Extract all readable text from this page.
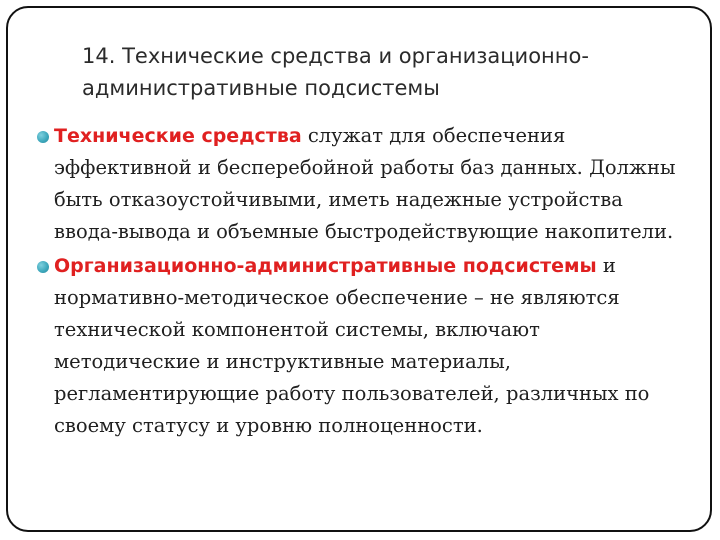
14. Технические средства и организационно-административные подсистемы
Технические средства служат для обеспечения эффективной и бесперебойной работы баз данных. Должны быть отказоустойчивыми, иметь надежные устройства ввода-вывода и объемные быстродействующие накопители.
Организационно-административные подсистемы и нормативно-методическое обеспечение – не являются технической компонентой системы, включают методические и инструктивные материалы, регламентирующие работу пользователей, различных по своему статусу и уровню полноценности.
